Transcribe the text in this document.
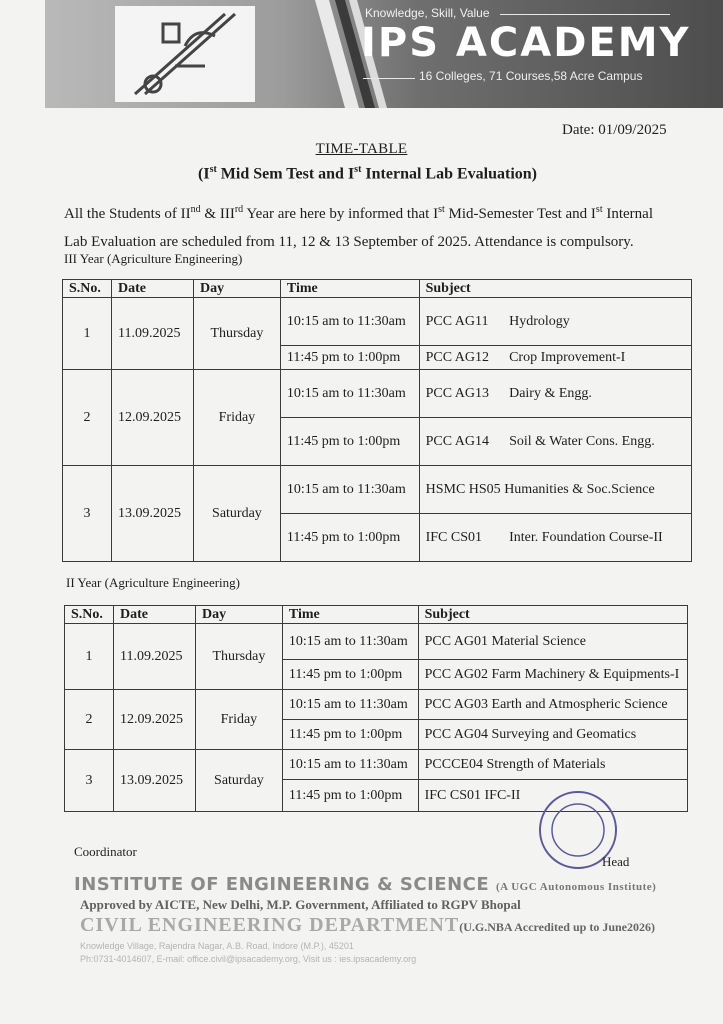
Knowledge, Skill, Value
IPS ACADEMY
16 Colleges, 71 Courses,58 Acre Campus
Date: 01/09/2025
TIME-TABLE
(Ist Mid Sem Test and Ist Internal Lab Evaluation)
All the Students of IInd & IIIrd Year are here by informed that Ist Mid-Semester Test and Ist Internal Lab Evaluation are scheduled from 11, 12 & 13 September of 2025. Attendance is compulsory.
III Year (Agriculture Engineering)
S.No.	Date	Day	Time	Subject
1	11.09.2025	Thursday	10:15 am to 11:30am	PCC AG11 Hydrology
			11:45 pm to 1:00pm	PCC AG12 Crop Improvement-I
2	12.09.2025	Friday	10:15 am to 11:30am	PCC AG13 Dairy & Engg.
			11:45 pm to 1:00pm	PCC AG14 Soil & Water Cons. Engg.
3	13.09.2025	Saturday	10:15 am to 11:30am	HSMC HS05 Humanities & Soc.Science
			11:45 pm to 1:00pm	IFC CS01 Inter. Foundation Course-II
II Year (Agriculture Engineering)
S.No.	Date	Day	Time	Subject
1	11.09.2025	Thursday	10:15 am to 11:30am	PCC AG01 Material Science
			11:45 pm to 1:00pm	PCC AG02 Farm Machinery & Equipments-I
2	12.09.2025	Friday	10:15 am to 11:30am	PCC AG03 Earth and Atmospheric Science
			11:45 pm to 1:00pm	PCC AG04 Surveying and Geomatics
3	13.09.2025	Saturday	10:15 am to 11:30am	PCCCE04 Strength of Materials
			11:45 pm to 1:00pm	IFC CS01 IFC-II
Coordinator
Head
INSTITUTE OF ENGINEERING & SCIENCE (A UGC Autonomous Institute)
Approved by AICTE, New Delhi, M.P. Government, Affiliated to RGPV Bhopal
CIVIL ENGINEERING DEPARTMENT(U.G.NBA Accredited up to June2026)
Knowledge Village, Rajendra Nagar, A.B. Road, Indore (M.P.), 45201
Ph:0731-4014607, E-mail: office.civil@ipsacademy.org, Visit us : ies.ipsacademy.org
